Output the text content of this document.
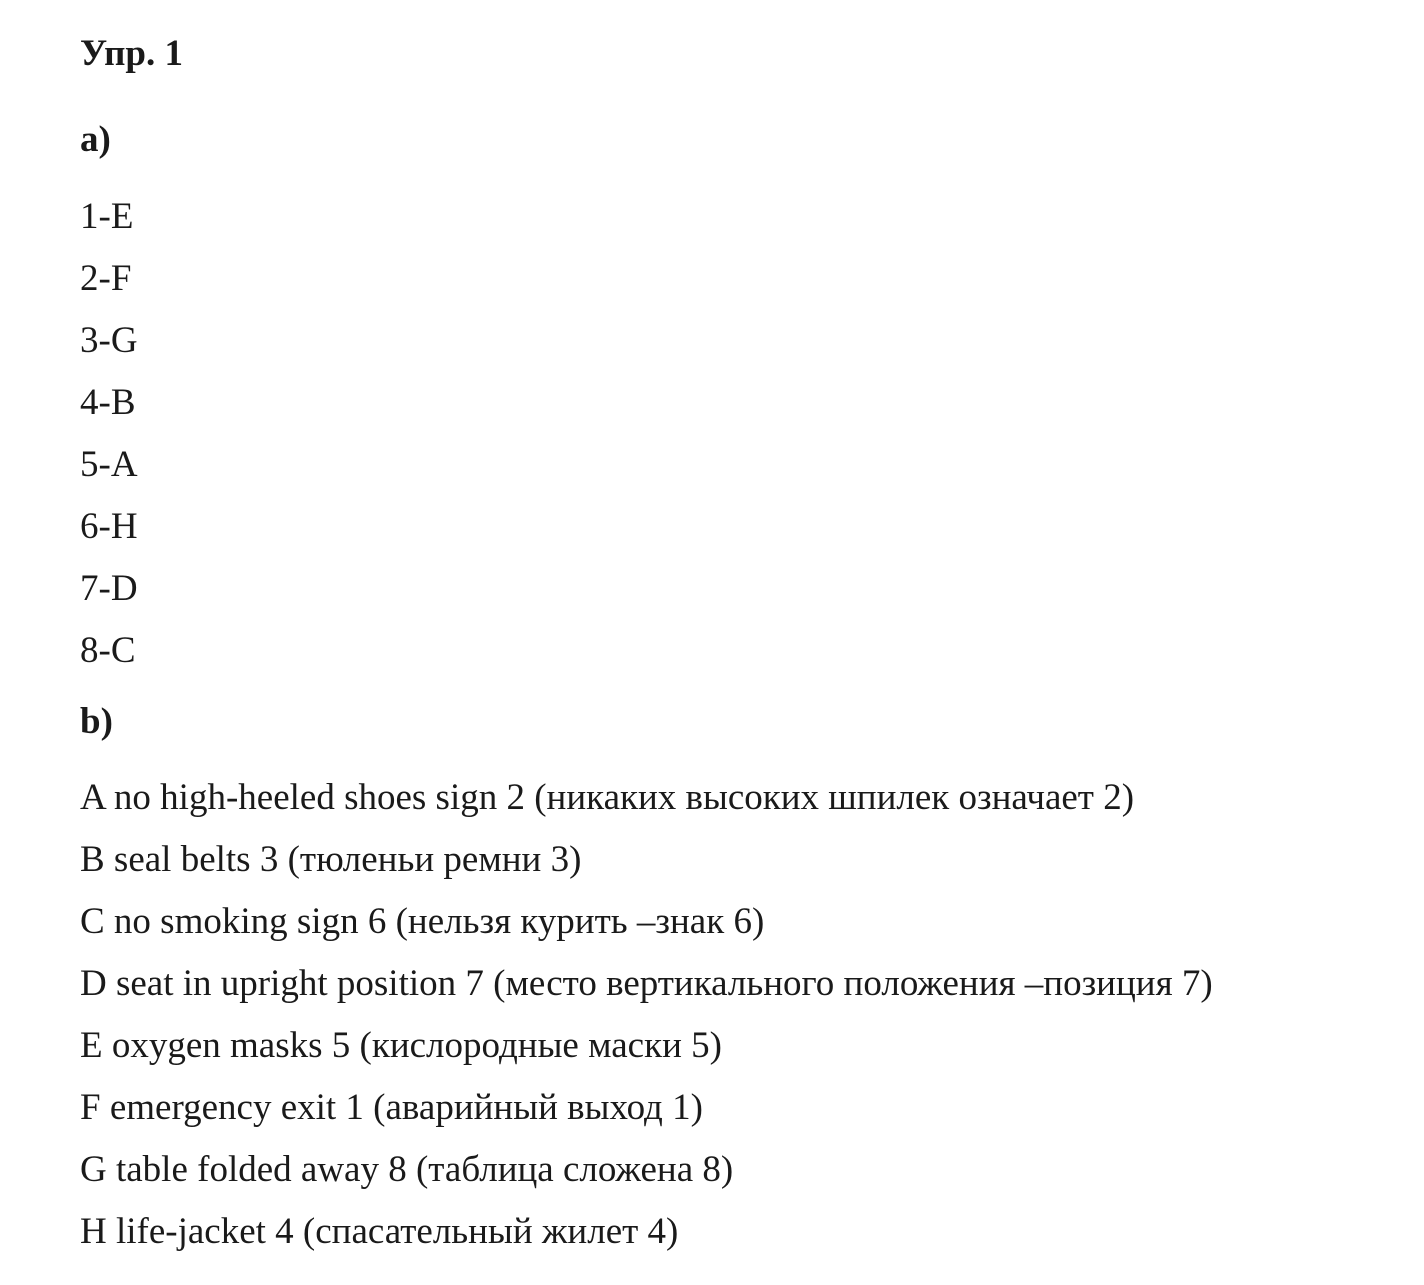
Упр. 1
a)
1-E
2-F
3-G
4-B
5-A
6-H
7-D
8-C
b)
A no high-heeled shoes sign 2 (никаких высоких шпилек означает 2)
B seal belts 3 (тюленьи ремни 3)
C no smoking sign 6 (нельзя курить –знак 6)
D seat in upright position 7 (место вертикального положения –позиция 7)
E oxygen masks 5 (кислородные маски 5)
F emergency exit 1 (аварийный выход 1)
G table folded away 8 (таблица сложена 8)
H life-jacket 4 (спасательный жилет 4)
